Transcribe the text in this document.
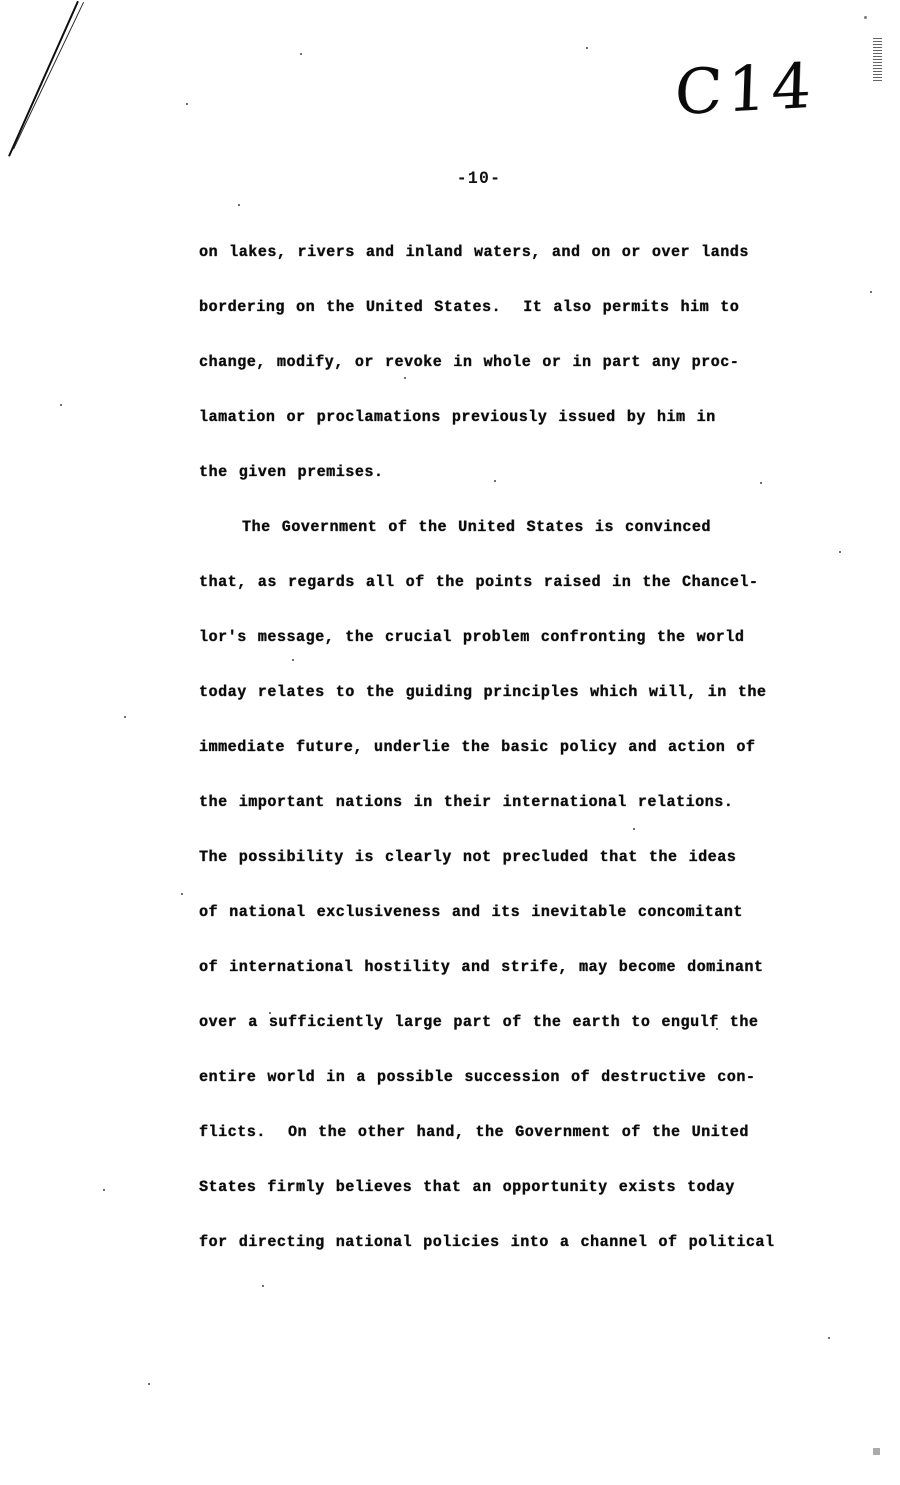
C14
-10-
on lakes, rivers and inland waters, and on or over lands
bordering on the United States.  It also permits him to
change, modify, or revoke in whole or in part any proc-
lamation or proclamations previously issued by him in
the given premises.
The Government of the United States is convinced
that, as regards all of the points raised in the Chancel-
lor's message, the crucial problem confronting the world
today relates to the guiding principles which will, in the
immediate future, underlie the basic policy and action of
the important nations in their international relations.
The possibility is clearly not precluded that the ideas
of national exclusiveness and its inevitable concomitant
of international hostility and strife, may become dominant
over a sufficiently large part of the earth to engulf the
entire world in a possible succession of destructive con-
flicts.  On the other hand, the Government of the United
States firmly believes that an opportunity exists today
for directing national policies into a channel of political
